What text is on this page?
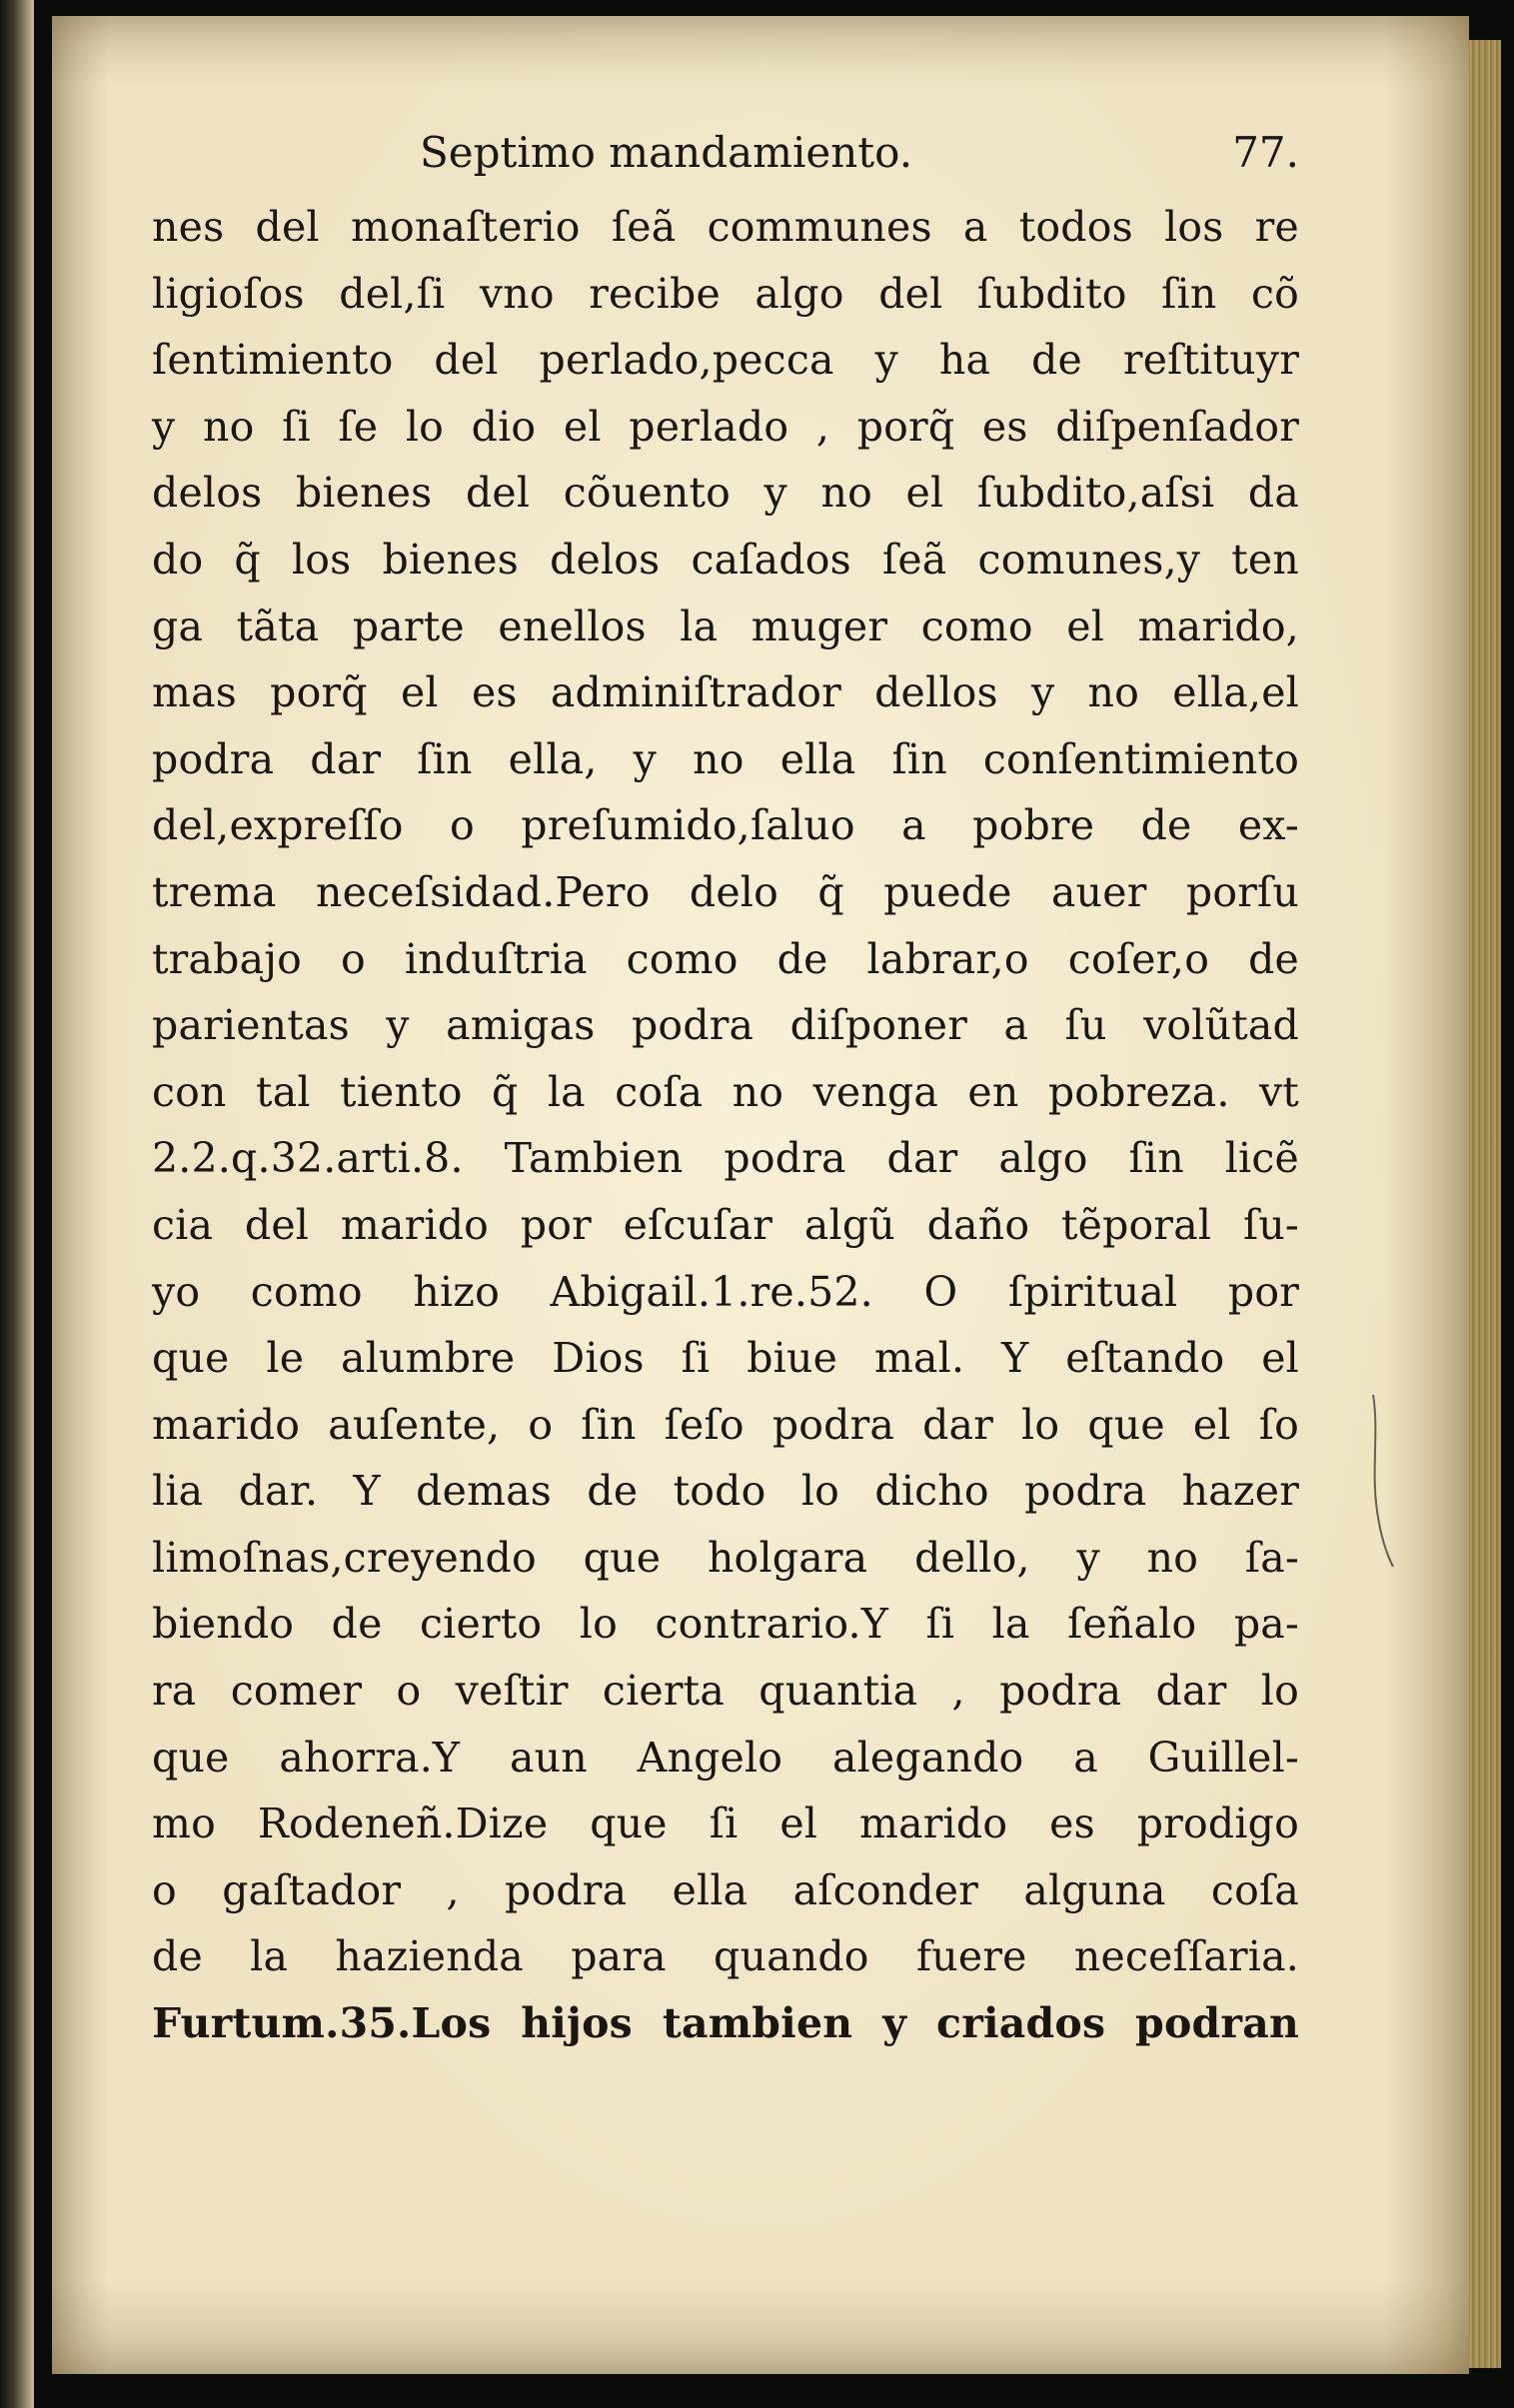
Septimo mandamiento.	77.
nes del monaſterio ſeã communes a todos los re
ligioſos del,ſi vno recibe algo del ſubdito ſin cõ
ſentimiento del perlado,pecca y ha de reſtituyr
y no ſi ſe lo dio el perlado , porq̃ es diſpenſador
delos bienes del cõuento y no el ſubdito,aſsi da
do q̃ los bienes delos caſados ſeã comunes,y ten
ga tãta parte enellos la muger como el marido,
mas porq̃ el es adminiſtrador dellos y no ella,el
podra dar ſin ella, y no ella ſin conſentimiento
del,expreſſo o preſumido,ſaluo a pobre de ex-
trema neceſsidad.Pero delo q̃ puede auer porſu
trabajo o induſtria como de labrar,o coſer,o de
parientas y amigas podra diſponer a ſu volũtad
con tal tiento q̃ la coſa no venga en pobreza. vt
2.2.q.32.arti.8. Tambien podra dar algo ſin licẽ
cia del marido por eſcuſar algũ daño tẽporal ſu-
yo como hizo Abigail.1.re.52. O ſpiritual por
que le alumbre Dios ſi biue mal. Y eſtando el
marido auſente, o ſin ſeſo podra dar lo que el ſo
lia dar. Y demas de todo lo dicho podra hazer
limoſnas,creyendo que holgara dello, y no ſa-
biendo de cierto lo contrario.Y ſi la ſeñalo pa-
ra comer o veſtir cierta quantia , podra dar lo
que ahorra.Y aun Angelo alegando a Guillel-
mo Rodeneñ.Dize que ſi el marido es prodigo
o gaſtador , podra ella aſconder alguna coſa
de la hazienda para quando fuere neceſſaria.
Furtum.35.Los hijos tambien y criados podran
